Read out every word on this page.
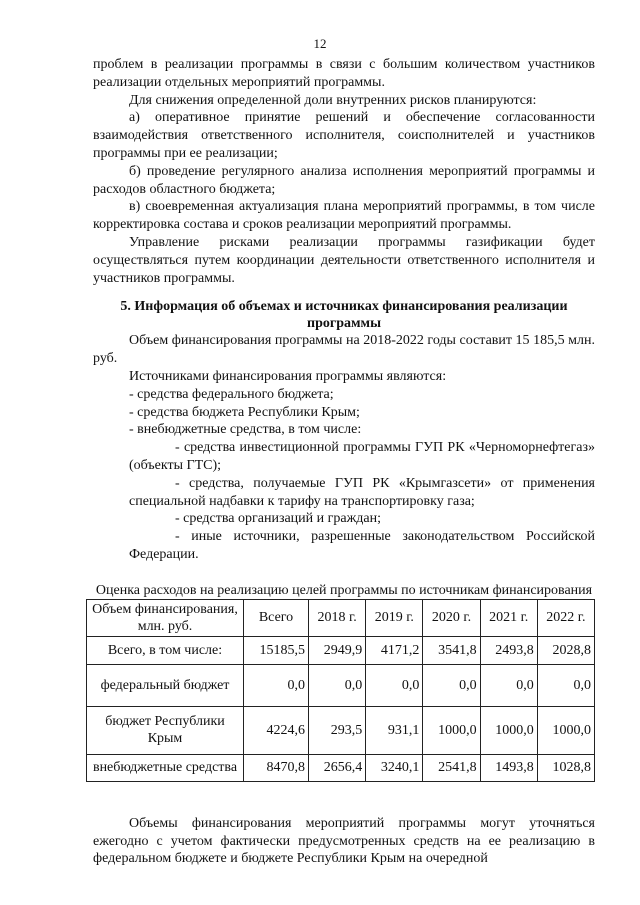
12

проблем в реализации программы в связи с большим количеством участников реализации отдельных мероприятий программы.

Для снижения определенной доли внутренних рисков планируются:

а) оперативное принятие решений и обеспечение согласованности взаимодействия ответственного исполнителя, соисполнителей и участников программы при ее реализации;

б) проведение регулярного анализа исполнения мероприятий программы и расходов областного бюджета;

в) своевременная актуализация плана мероприятий программы, в том числе корректировка состава и сроков реализации мероприятий программы.

Управление рисками реализации программы газификации будет осуществляться путем координации деятельности ответственного исполнителя и участников программы.

5. Информация об объемах и источниках финансирования реализации программы

Объем финансирования программы на 2018-2022 годы составит 15 185,5 млн. руб.

Источниками финансирования программы являются:

- средства федерального бюджета;

- средства бюджета Республики Крым;

- внебюджетные средства, в том числе:

- средства инвестиционной программы ГУП РК «Черноморнефтегаз» (объекты ГТС);

- средства, получаемые ГУП РК «Крымгазсети» от применения специальной надбавки к тарифу на транспортировку газа;

- средства организаций и граждан;

- иные источники, разрешенные законодательством Российской Федерации.

Оценка расходов на реализацию целей программы по источникам финансирования

Объем финансирования, млн. руб.	Всего	2018 г.	2019 г.	2020 г.	2021 г.	2022 г.
Всего, в том числе:	15185,5	2949,9	4171,2	3541,8	2493,8	2028,8
федеральный бюджет	0,0	0,0	0,0	0,0	0,0	0,0
бюджет Республики Крым	4224,6	293,5	931,1	1000,0	1000,0	1000,0
внебюджетные средства	8470,8	2656,4	3240,1	2541,8	1493,8	1028,8

Объемы финансирования мероприятий программы могут уточняться ежегодно с учетом фактически предусмотренных средств на ее реализацию в федеральном бюджете и бюджете Республики Крым на очередной
